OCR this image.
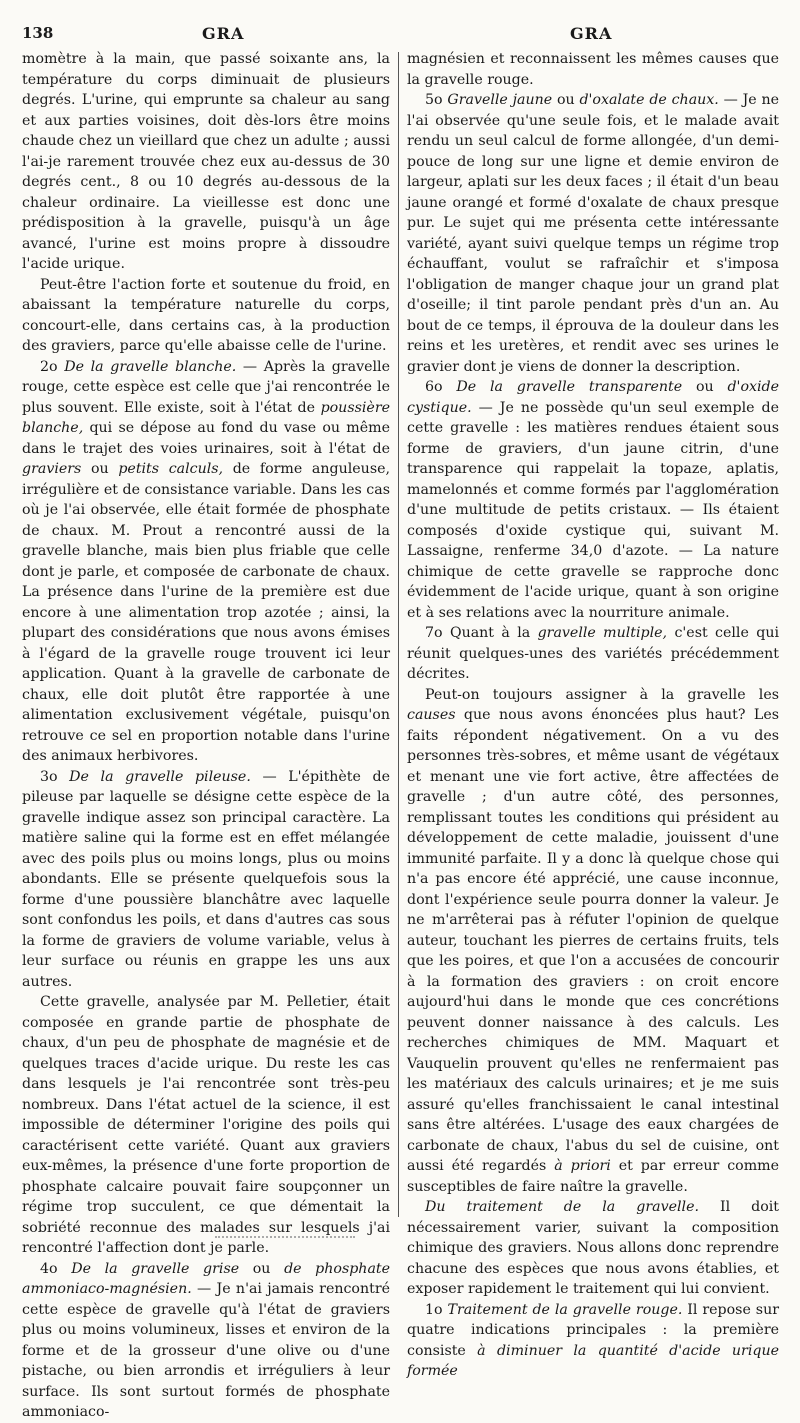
138	GRA	GRA

momètre à la main, que passé soixante ans, la température du corps diminuait de plusieurs degrés. L'urine, qui emprunte sa chaleur au sang et aux parties voisines, doit dès-lors être moins chaude chez un vieillard que chez un adulte ; aussi l'ai-je rarement trouvée chez eux au-dessus de 30 degrés cent., 8 ou 10 degrés au-dessous de la chaleur ordinaire. La vieillesse est donc une prédisposition à la gravelle, puisqu'à un âge avancé, l'urine est moins propre à dissoudre l'acide urique.

Peut-être l'action forte et soutenue du froid, en abaissant la température naturelle du corps, concourt-elle, dans certains cas, à la production des graviers, parce qu'elle abaisse celle de l'urine.

2o De la gravelle blanche. — Après la gravelle rouge, cette espèce est celle que j'ai rencontrée le plus souvent. Elle existe, soit à l'état de poussière blanche, qui se dépose au fond du vase ou même dans le trajet des voies urinaires, soit à l'état de graviers ou petits calculs, de forme anguleuse, irrégulière et de consistance variable. Dans les cas où je l'ai observée, elle était formée de phosphate de chaux. M. Prout a rencontré aussi de la gravelle blanche, mais bien plus friable que celle dont je parle, et composée de carbonate de chaux. La présence dans l'urine de la première est due encore à une alimentation trop azotée ; ainsi, la plupart des considérations que nous avons émises à l'égard de la gravelle rouge trouvent ici leur application. Quant à la gravelle de carbonate de chaux, elle doit plutôt être rapportée à une alimentation exclusivement végétale, puisqu'on retrouve ce sel en proportion notable dans l'urine des animaux herbivores.

3o De la gravelle pileuse. — L'épithète de pileuse par laquelle se désigne cette espèce de la gravelle indique assez son principal caractère. La matière saline qui la forme est en effet mélangée avec des poils plus ou moins longs, plus ou moins abondants. Elle se présente quelquefois sous la forme d'une poussière blanchâtre avec laquelle sont confondus les poils, et dans d'autres cas sous la forme de graviers de volume variable, velus à leur surface ou réunis en grappe les uns aux autres.

Cette gravelle, analysée par M. Pelletier, était composée en grande partie de phosphate de chaux, d'un peu de phosphate de magnésie et de quelques traces d'acide urique. Du reste les cas dans lesquels je l'ai rencontrée sont très-peu nombreux. Dans l'état actuel de la science, il est impossible de déterminer l'origine des poils qui caractérisent cette variété. Quant aux graviers eux-mêmes, la présence d'une forte proportion de phosphate calcaire pouvait faire soupçonner un régime trop succulent, ce que démentait la sobriété reconnue des malades sur lesquels j'ai rencontré l'affection dont je parle.

4o De la gravelle grise ou de phosphate ammoniaco-magnésien. — Je n'ai jamais rencontré cette espèce de gravelle qu'à l'état de graviers plus ou moins volumineux, lisses et environ de la forme et de la grosseur d'une olive ou d'une pistache, ou bien arrondis et irréguliers à leur surface. Ils sont surtout formés de phosphate ammoniaco-

magnésien et reconnaissent les mêmes causes que la gravelle rouge.

5o Gravelle jaune ou d'oxalate de chaux. — Je ne l'ai observée qu'une seule fois, et le malade avait rendu un seul calcul de forme allongée, d'un demi-pouce de long sur une ligne et demie environ de largeur, aplati sur les deux faces ; il était d'un beau jaune orangé et formé d'oxalate de chaux presque pur. Le sujet qui me présenta cette intéressante variété, ayant suivi quelque temps un régime trop échauffant, voulut se rafraîchir et s'imposa l'obligation de manger chaque jour un grand plat d'oseille; il tint parole pendant près d'un an. Au bout de ce temps, il éprouva de la douleur dans les reins et les uretères, et rendit avec ses urines le gravier dont je viens de donner la description.

6o De la gravelle transparente ou d'oxide cystique. — Je ne possède qu'un seul exemple de cette gravelle : les matières rendues étaient sous forme de graviers, d'un jaune citrin, d'une transparence qui rappelait la topaze, aplatis, mamelonnés et comme formés par l'agglomération d'une multitude de petits cristaux. — Ils étaient composés d'oxide cystique qui, suivant M. Lassaigne, renferme 34,0 d'azote. — La nature chimique de cette gravelle se rapproche donc évidemment de l'acide urique, quant à son origine et à ses relations avec la nourriture animale.

7o Quant à la gravelle multiple, c'est celle qui réunit quelques-unes des variétés précédemment décrites.

Peut-on toujours assigner à la gravelle les causes que nous avons énoncées plus haut? Les faits répondent négativement. On a vu des personnes très-sobres, et même usant de végétaux et menant une vie fort active, être affectées de gravelle ; d'un autre côté, des personnes, remplissant toutes les conditions qui président au développement de cette maladie, jouissent d'une immunité parfaite. Il y a donc là quelque chose qui n'a pas encore été apprécié, une cause inconnue, dont l'expérience seule pourra donner la valeur. Je ne m'arrêterai pas à réfuter l'opinion de quelque auteur, touchant les pierres de certains fruits, tels que les poires, et que l'on a accusées de concourir à la formation des graviers : on croit encore aujourd'hui dans le monde que ces concrétions peuvent donner naissance à des calculs. Les recherches chimiques de MM. Maquart et Vauquelin prouvent qu'elles ne renfermaient pas les matériaux des calculs urinaires; et je me suis assuré qu'elles franchissaient le canal intestinal sans être altérées. L'usage des eaux chargées de carbonate de chaux, l'abus du sel de cuisine, ont aussi été regardés à priori et par erreur comme susceptibles de faire naître la gravelle.

Du traitement de la gravelle. Il doit nécessairement varier, suivant la composition chimique des graviers. Nous allons donc reprendre chacune des espèces que nous avons établies, et exposer rapidement le traitement qui lui convient.

1o Traitement de la gravelle rouge. Il repose sur quatre indications principales : la première consiste à diminuer la quantité d'acide urique formée
